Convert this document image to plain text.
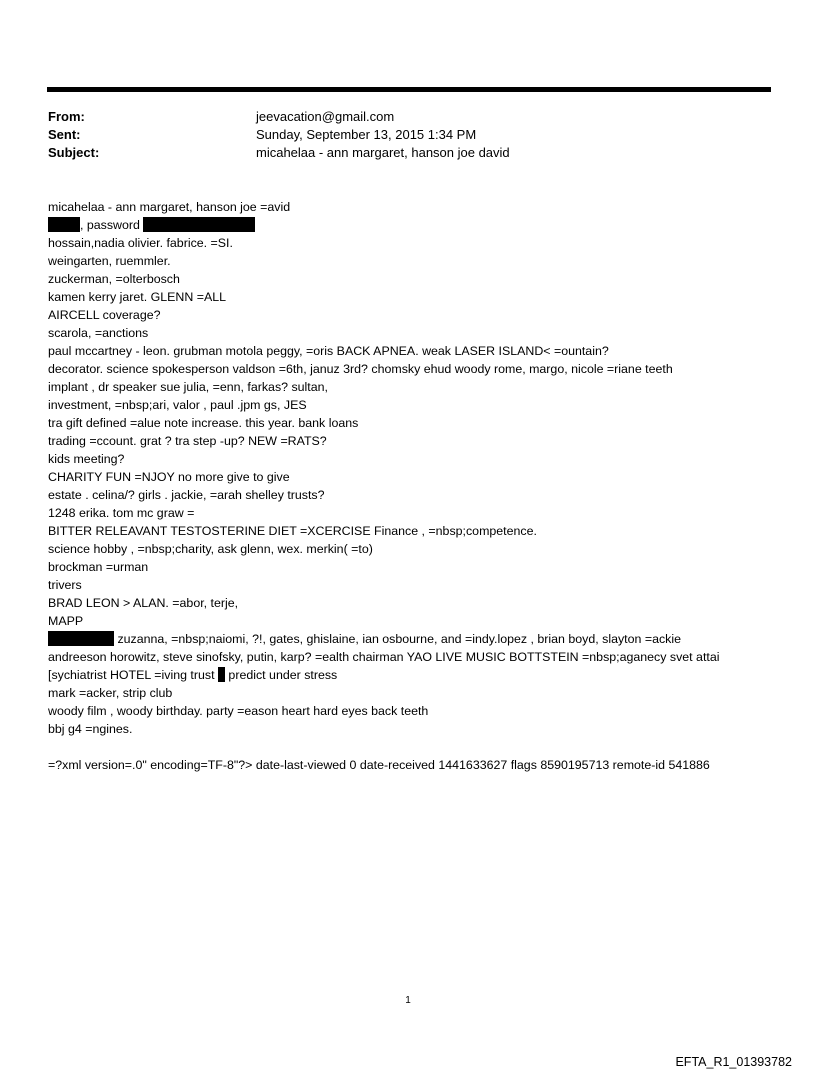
From:	jeevacation@gmail.com
Sent:	Sunday, September 13, 2015 1:34 PM
Subject:	micahelaa - ann margaret, hanson joe david
micahelaa - ann margaret, hanson joe =avid
, password
hossain,nadia olivier. fabrice. =SI.
weingarten, ruemmler.
zuckerman, =olterbosch
kamen kerry jaret. GLENN =ALL
AIRCELL coverage?
scarola, =anctions
paul mccartney - leon. grubman motola peggy, =oris BACK APNEA. weak LASER ISLAND< =ountain?
decorator. science spokesperson valdson =6th, januz 3rd? chomsky ehud woody rome, margo, nicole =riane teeth
implant , dr speaker sue julia, =enn, farkas? sultan,
investment, =nbsp;ari, valor , paul .jpm gs, JES
tra gift defined =alue note increase. this year. bank loans
trading =ccount. grat ? tra step -up? NEW =RATS?
kids meeting?
CHARITY FUN =NJOY no more give to give
estate . celina/? girls . jackie, =arah shelley trusts?
1248 erika. tom mc graw =
BITTER RELEAVANT TESTOSTERINE DIET =XCERCISE Finance , =nbsp;competence.
science hobby , =nbsp;charity, ask glenn, wex. merkin( =to)
brockman =urman
trivers
BRAD LEON > ALAN. =abor, terje,
MAPP
zuzanna, =nbsp;naiomi, ?!, gates, ghislaine, ian osbourne, and =indy.lopez , brian boyd, slayton =ackie
andreeson horowitz, steve sinofsky, putin, karp? =ealth chairman YAO LIVE MUSIC BOTTSTEIN =nbsp;aganecy svet attai
[sychiatrist HOTEL =iving trust  predict under stress
mark =acker, strip club
woody film , woody birthday. party =eason heart hard eyes back teeth
bbj g4 =ngines.
=?xml version=.0" encoding=TF-8"?> date-last-viewed 0 date-received 1441633627 flags 8590195713 remote-id 541886
1
EFTA_R1_01393782
